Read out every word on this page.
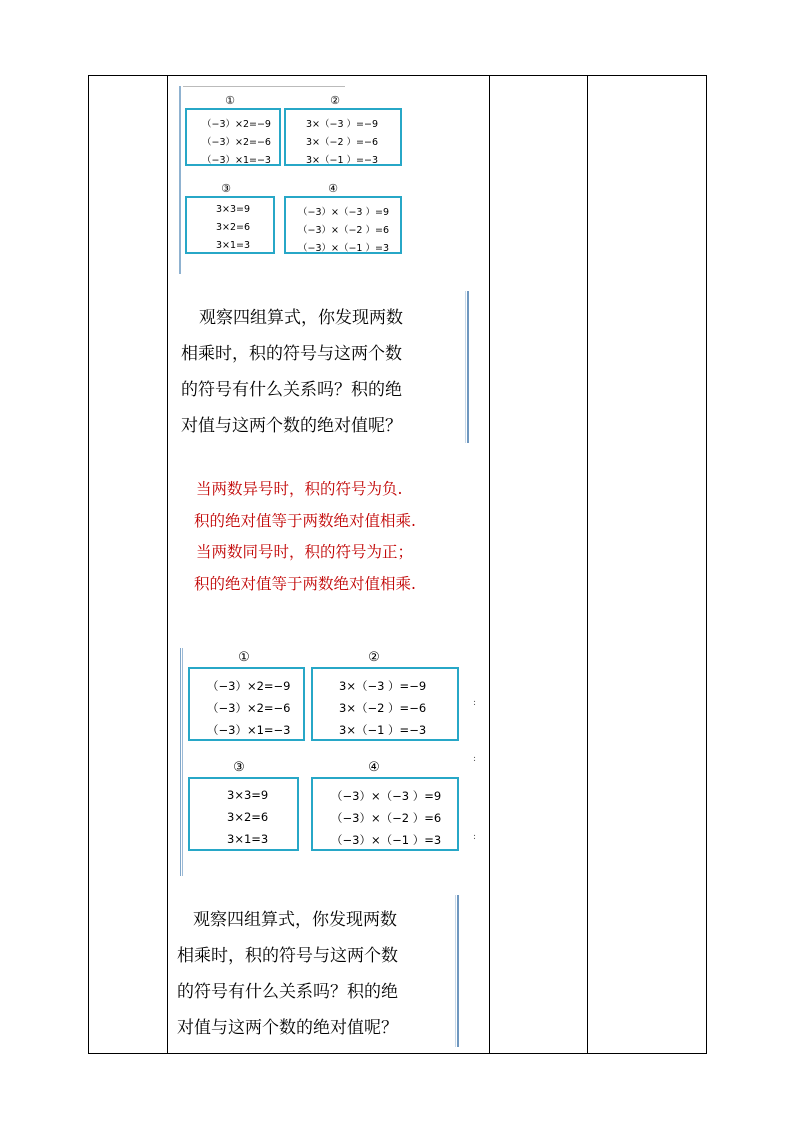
①
（−3）×2=−9
（−3）×2=−6
（−3）×1=−3
②
3×（−3 ）=−9
3×（−2 ）=−6
3×（−1 ）=−3
③
3×3=9
3×2=6
3×1=3
④
（−3）×（−3 ）=9
（−3）×（−2 ）=6
（−3）×（−1 ）=3
观察四组算式，你发现两数
相乘时，积的符号与这两个数
的符号有什么关系吗？积的绝
对值与这两个数的绝对值呢？
当两数异号时，积的符号为负.
积的绝对值等于两数绝对值相乘.
当两数同号时，积的符号为正；
积的绝对值等于两数绝对值相乘.
①
（−3）×2=−9
（−3）×2=−6
（−3）×1=−3
②
3×（−3 ）=−9
3×（−2 ）=−6
3×（−1 ）=−3
③
3×3=9
3×2=6
3×1=3
④
（−3）×（−3 ）=9
（−3）×（−2 ）=6
（−3）×（−1 ）=3
:
:
:
观察四组算式，你发现两数
相乘时，积的符号与这两个数
的符号有什么关系吗？积的绝
对值与这两个数的绝对值呢？
